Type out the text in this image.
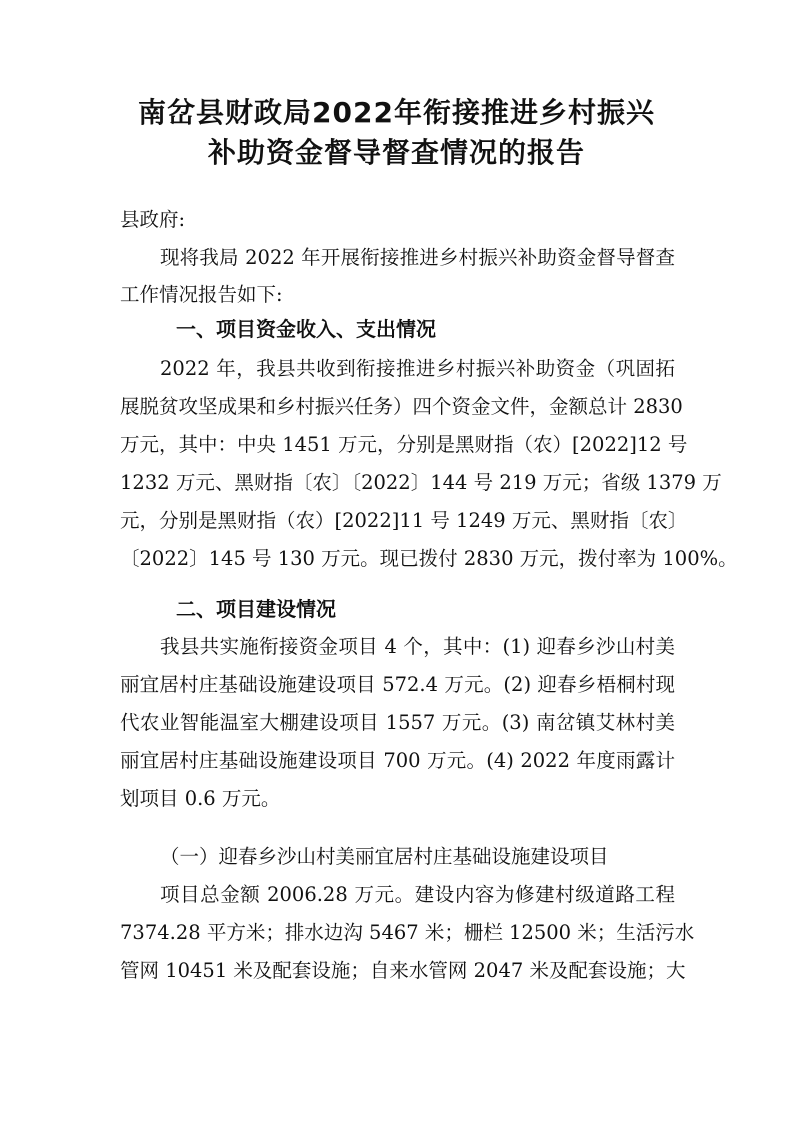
南岔县财政局2022年衔接推进乡村振兴
补助资金督导督查情况的报告
县政府:
现将我局 2022 年开展衔接推进乡村振兴补助资金督导督查
工作情况报告如下:
一、项目资金收入、支出情况
2022 年，我县共收到衔接推进乡村振兴补助资金（巩固拓
展脱贫攻坚成果和乡村振兴任务）四个资金文件，金额总计 2830
万元，其中：中央 1451 万元，分别是黑财指（农）[2022]12 号
1232 万元、黑财指〔农〕〔2022〕144 号 219 万元；省级 1379 万
元，分别是黑财指（农）[2022]11 号 1249 万元、黑财指〔农〕
〔2022〕145 号 130 万元。现已拨付 2830 万元，拨付率为 100%。
二、项目建设情况
我县共实施衔接资金项目 4 个，其中：(1) 迎春乡沙山村美
丽宜居村庄基础设施建设项目 572.4 万元。(2) 迎春乡梧桐村现
代农业智能温室大棚建设项目 1557 万元。(3) 南岔镇艾林村美
丽宜居村庄基础设施建设项目 700 万元。(4) 2022 年度雨露计
划项目 0.6 万元。
（一）迎春乡沙山村美丽宜居村庄基础设施建设项目
项目总金额 2006.28 万元。建设内容为修建村级道路工程
7374.28 平方米；排水边沟 5467 米；栅栏 12500 米；生活污水
管网 10451 米及配套设施；自来水管网 2047 米及配套设施；大
